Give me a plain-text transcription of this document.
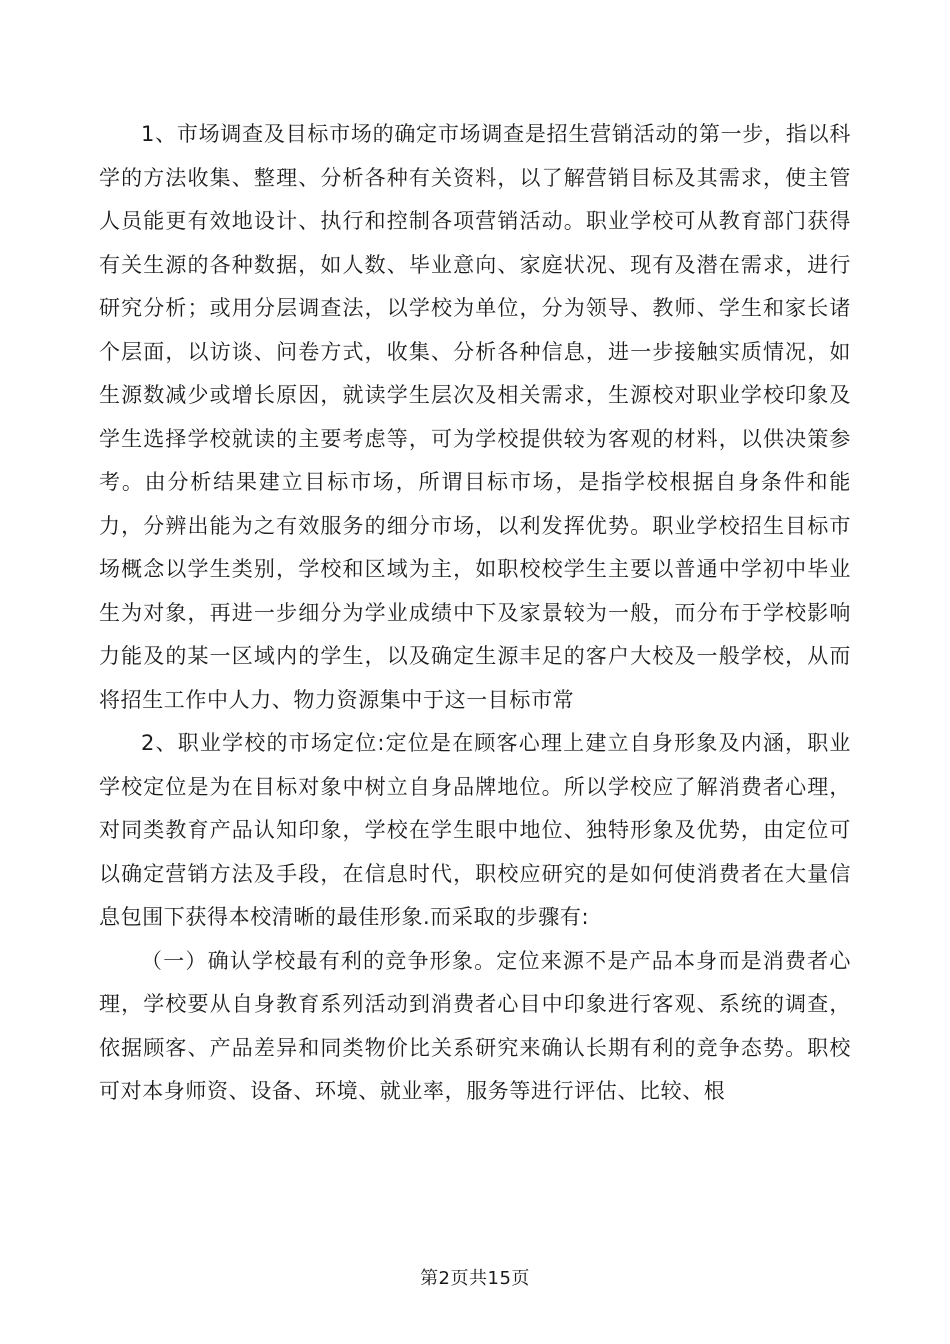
1、市场调查及目标市场的确定市场调查是招生营销活动的第一步，指以科学的方法收集、整理、分析各种有关资料，以了解营销目标及其需求，使主管人员能更有效地设计、执行和控制各项营销活动。职业学校可从教育部门获得有关生源的各种数据，如人数、毕业意向、家庭状况、现有及潜在需求，进行研究分析；或用分层调查法，以学校为单位，分为领导、教师、学生和家长诸个层面，以访谈、问卷方式，收集、分析各种信息，进一步接触实质情况，如生源数减少或增长原因，就读学生层次及相关需求，生源校对职业学校印象及学生选择学校就读的主要考虑等，可为学校提供较为客观的材料，以供决策参考。由分析结果建立目标市场，所谓目标市场，是指学校根据自身条件和能力，分辨出能为之有效服务的细分市场，以利发挥优势。职业学校招生目标市场概念以学生类别，学校和区域为主，如职校校学生主要以普通中学初中毕业生为对象，再进一步细分为学业成绩中下及家景较为一般，而分布于学校影响力能及的某一区域内的学生，以及确定生源丰足的客户大校及一般学校，从而将招生工作中人力、物力资源集中于这一目标市常

2、职业学校的市场定位:定位是在顾客心理上建立自身形象及内涵，职业学校定位是为在目标对象中树立自身品牌地位。所以学校应了解消费者心理，对同类教育产品认知印象，学校在学生眼中地位、独特形象及优势，由定位可以确定营销方法及手段，在信息时代，职校应研究的是如何使消费者在大量信息包围下获得本校清晰的最佳形象.而采取的步骤有:

（一）确认学校最有利的竞争形象。定位来源不是产品本身而是消费者心理，学校要从自身教育系列活动到消费者心目中印象进行客观、系统的调查，依据顾客、产品差异和同类物价比关系研究来确认长期有利的竞争态势。职校可对本身师资、设备、环境、就业率，服务等进行评估、比较、根

第2页共15页
